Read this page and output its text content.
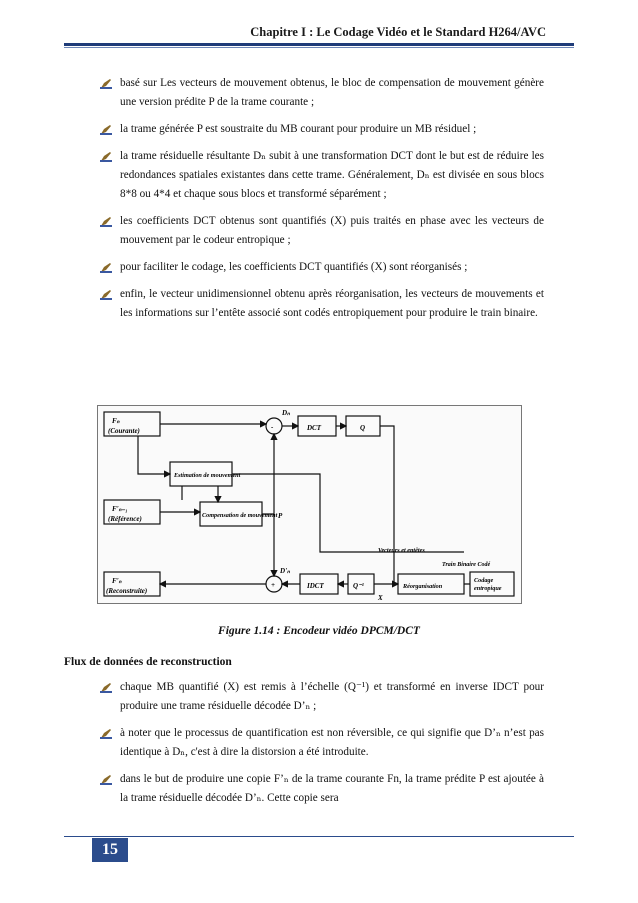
Chapitre I : Le Codage Vidéo et le Standard H264/AVC
basé sur Les vecteurs de mouvement obtenus, le bloc de compensation de mouvement génère une version prédite P de la trame courante ;
la trame générée P est soustraite du MB courant pour produire un MB résiduel ;
la trame résiduelle résultante Dₙ subit à une transformation DCT dont le but est de réduire les redondances spatiales existantes dans cette trame. Généralement, Dₙ est divisée en sous blocs 8*8 ou 4*4 et chaque sous blocs et transformé séparément ;
les coefficients DCT obtenus sont quantifiés (X) puis traités en phase avec les vecteurs de mouvement par le codeur entropique ;
pour faciliter le codage, les coefficients DCT quantifiés (X) sont réorganisés ;
enfin, le vecteur unidimensionnel obtenu après réorganisation, les vecteurs de mouvements et les informations sur l’entête associé sont codés entropiquement pour produire le train binaire.
Fₙ
(Courante)
F'ₙ₋₁
(Référence)
F'ₙ
(Reconstruite)
Estimation de mouvement
Compensation de mouvement
DCT	Q
IDCT	Q⁻¹	Réorganisation
Vecteurs et entêtes
Train Binaire Codé
P
X
Dₙ
D'ₙ
-
+
Codage
entropique
Figure 1.14 : Encodeur vidéo DPCM/DCT
Flux de données de reconstruction
chaque MB quantifié (X) est remis à l’échelle (Q⁻¹) et transformé en inverse IDCT pour produire une trame résiduelle décodée D’ₙ ;
à noter que le processus de quantification est non réversible, ce qui signifie que D’ₙ n’est pas identique à Dₙ, c'est à dire la distorsion a été introduite.
dans le but de produire une copie F’ₙ de la trame courante Fn, la trame prédite P est ajoutée à la trame résiduelle décodée D’ₙ. Cette copie sera
15
